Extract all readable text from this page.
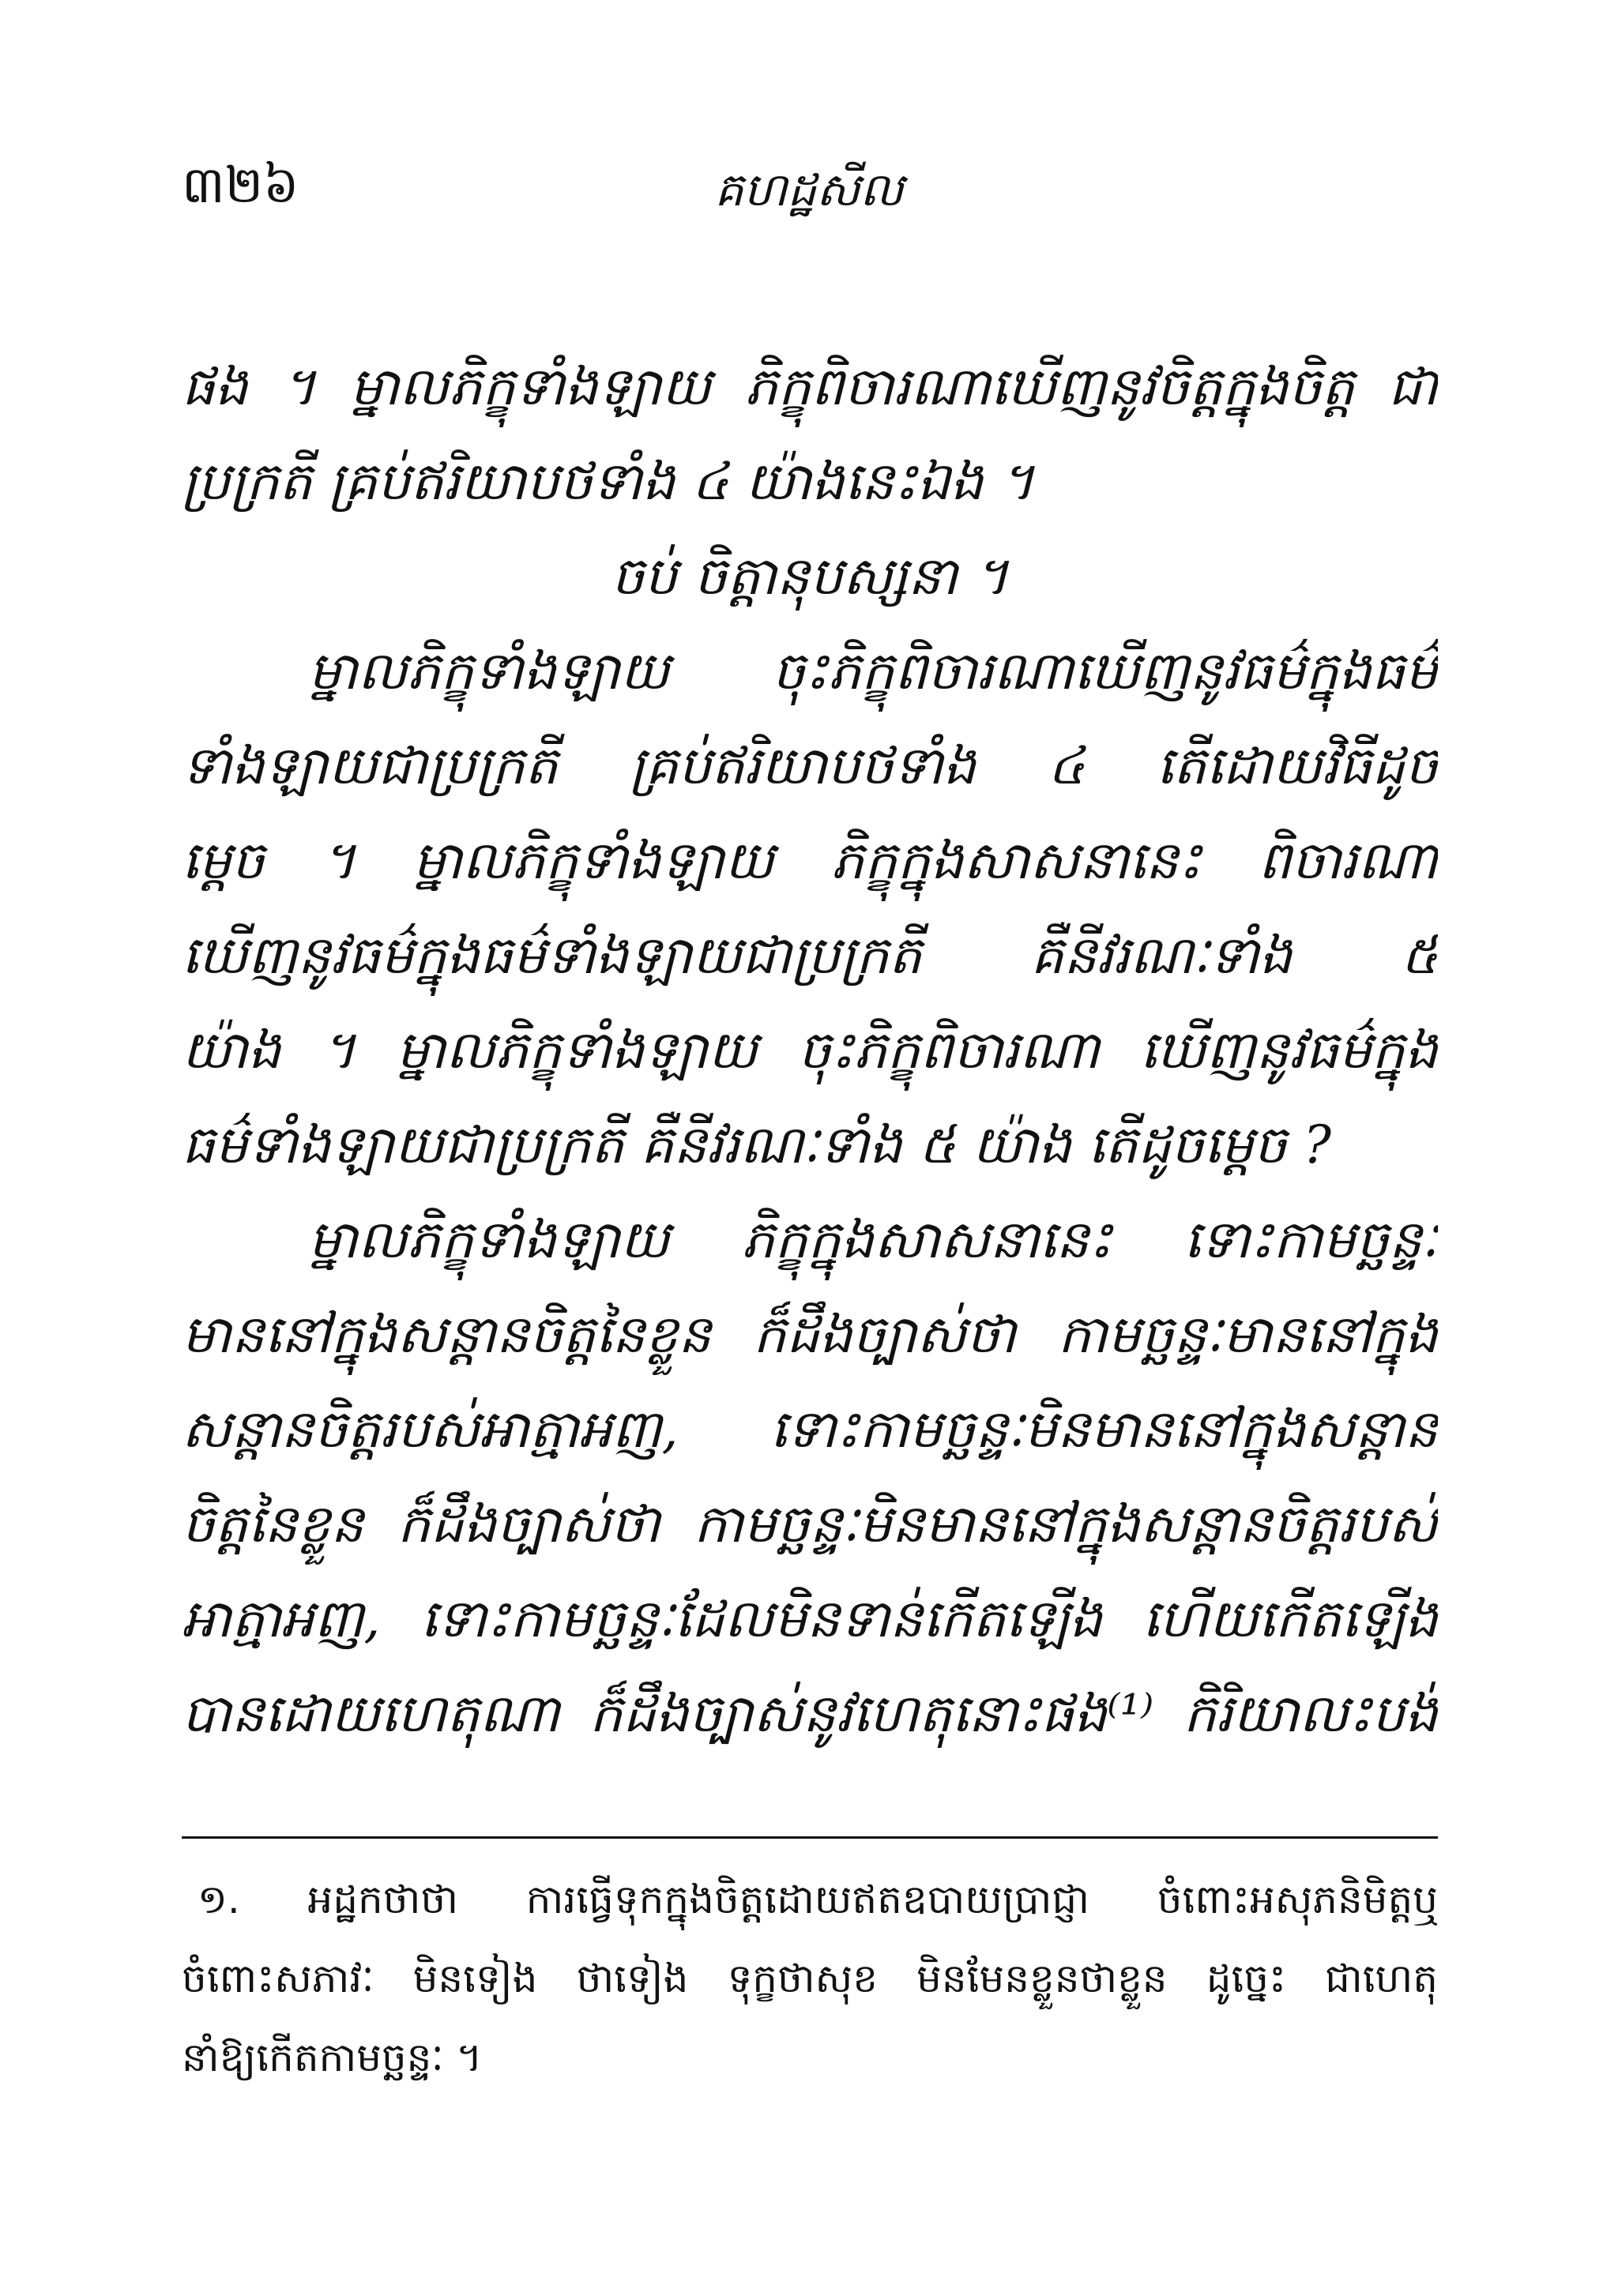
៣២៦	គហដ្ឋសីល
ផង ។ ម្នាលភិក្ខុទាំងឡាយ ភិក្ខុពិចារណាឃើញនូវចិត្តក្នុងចិត្ត ជា
ប្រក្រតី គ្រប់ឥរិយាបថទាំង ៤ យ៉ាងនេះឯង ។
ចប់ ចិត្តានុបស្សនា ។
ម្នាលភិក្ខុទាំងឡាយ ចុះភិក្ខុពិចារណាឃើញនូវធម៌ក្នុងធម៌
ទាំងឡាយជាប្រក្រតី គ្រប់ឥរិយាបថទាំង ៤ តើដោយវិធីដូច
ម្តេច ។ ម្នាលភិក្ខុទាំងឡាយ ភិក្ខុក្នុងសាសនានេះ ពិចារណា
ឃើញនូវធម៌ក្នុងធម៌ទាំងឡាយជាប្រក្រតី គឺនីវរណៈទាំង ៥
យ៉ាង ។ ម្នាលភិក្ខុទាំងឡាយ ចុះភិក្ខុពិចារណា ឃើញនូវធម៌ក្នុង
ធម៌ទាំងឡាយជាប្រក្រតី គឺនីវរណៈទាំង ៥ យ៉ាង តើដូចម្តេច ?
ម្នាលភិក្ខុទាំងឡាយ ភិក្ខុក្នុងសាសនានេះ ទោះកាមច្ឆន្ទៈ
មាននៅក្នុងសន្តានចិត្តនៃខ្លួន ក៏ដឹងច្បាស់ថា កាមច្ឆន្ទៈមាននៅក្នុង
សន្តានចិត្តរបស់អាត្មាអញ, ទោះកាមច្ឆន្ទៈមិនមាននៅក្នុងសន្តាន
ចិត្តនៃខ្លួន ក៏ដឹងច្បាស់ថា កាមច្ឆន្ទៈមិនមាននៅក្នុងសន្តានចិត្តរបស់
អាត្មាអញ, ទោះកាមច្ឆន្ទៈដែលមិនទាន់កើតឡើង ហើយកើតឡើង
បានដោយហេតុណា ក៏ដឹងច្បាស់នូវហេតុនោះផង⁽¹⁾ កិរិយាលះបង់
១. អដ្ឋកថាថា ការធ្វើទុកក្នុងចិត្តដោយឥតឧបាយប្រាជ្ញា ចំពោះអសុភនិមិត្តឬ
ចំពោះសភាវៈ មិនទៀង ថាទៀង ទុក្ខថាសុខ មិនមែនខ្លួនថាខ្លួន ដូច្នេះ ជាហេតុ
នាំឱ្យកើតកាមច្ឆន្ទៈ ។
